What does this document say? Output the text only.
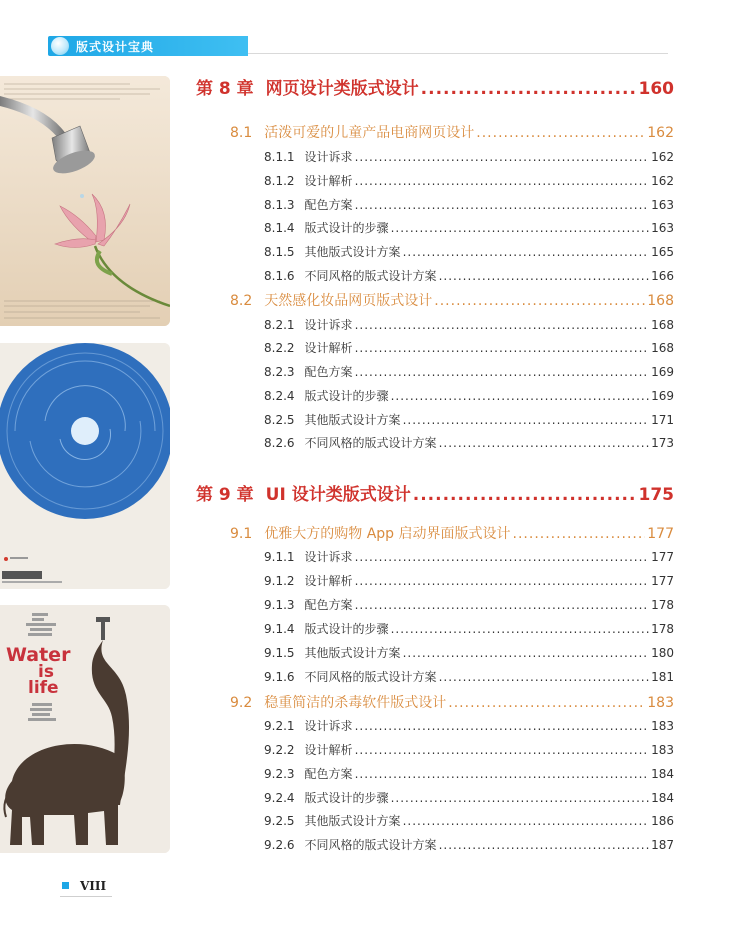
版式设计宝典
Water
is
life
第 8 章 网页设计类版式设计 .....	160
8.1 活泼可爱的儿童产品电商网页设计 .....	162
8.1.1 设计诉求 .....	162
8.1.2 设计解析 .....	162
8.1.3 配色方案 .....	163
8.1.4 版式设计的步骤 .....	163
8.1.5 其他版式设计方案 .....	165
8.1.6 不同风格的版式设计方案 .....	166
8.2 天然感化妆品网页版式设计 .....	168
8.2.1 设计诉求 .....	168
8.2.2 设计解析 .....	168
8.2.3 配色方案 .....	169
8.2.4 版式设计的步骤 .....	169
8.2.5 其他版式设计方案 .....	171
8.2.6 不同风格的版式设计方案 .....	173
第 9 章 UI 设计类版式设计 .....	175
9.1 优雅大方的购物 App 启动界面版式设计 .....	177
9.1.1 设计诉求 .....	177
9.1.2 设计解析 .....	177
9.1.3 配色方案 .....	178
9.1.4 版式设计的步骤 .....	178
9.1.5 其他版式设计方案 .....	180
9.1.6 不同风格的版式设计方案 .....	181
9.2 稳重简洁的杀毒软件版式设计 .....	183
9.2.1 设计诉求 .....	183
9.2.2 设计解析 .....	183
9.2.3 配色方案 .....	184
9.2.4 版式设计的步骤 .....	184
9.2.5 其他版式设计方案 .....	186
9.2.6 不同风格的版式设计方案 .....	187
VIII
